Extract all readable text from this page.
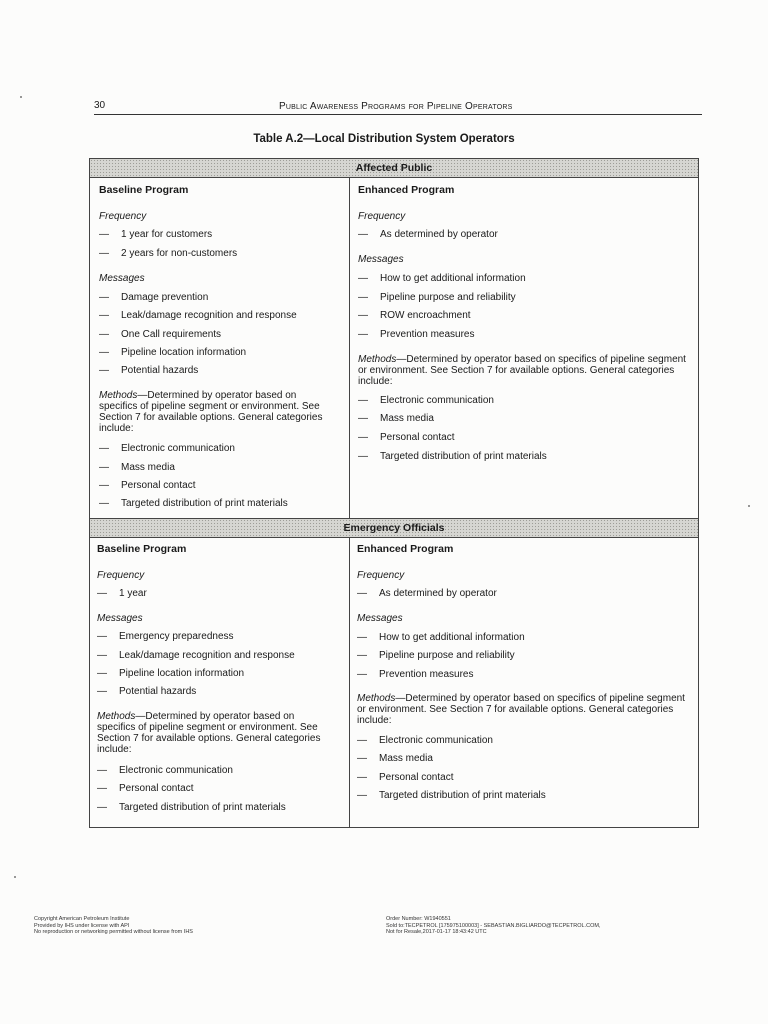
30	Public Awareness Programs for Pipeline Operators
Table A.2—Local Distribution System Operators
Affected Public
Emergency Officials
Baseline Program
Frequency
— 1 year for customers
— 2 years for non-customers
Messages
— Damage prevention
— Leak/damage recognition and response
— One Call requirements
— Pipeline location information
— Potential hazards
Methods—Determined by operator based on specifics of pipeline segment or environment. See Section 7 for available options. General categories include:
— Electronic communication
— Mass media
— Personal contact
— Targeted distribution of print materials
Enhanced Program
Frequency
— As determined by operator
Messages
— How to get additional information
— Pipeline purpose and reliability
— ROW encroachment
— Prevention measures
Methods—Determined by operator based on specifics of pipeline segment or environment. See Section 7 for available options. General categories include:
— Electronic communication
— Mass media
— Personal contact
— Targeted distribution of print materials
Baseline Program
Frequency
— 1 year
Messages
— Emergency preparedness
— Leak/damage recognition and response
— Pipeline location information
— Potential hazards
Methods—Determined by operator based on specifics of pipeline segment or environment. See Section 7 for available options. General categories include:
— Electronic communication
— Personal contact
— Targeted distribution of print materials
Enhanced Program
Frequency
— As determined by operator
Messages
— How to get additional information
— Pipeline purpose and reliability
— Prevention measures
Methods—Determined by operator based on specifics of pipeline segment or environment. See Section 7 for available options. General categories include:
— Electronic communication
— Mass media
— Personal contact
— Targeted distribution of print materials
Copyright American Petroleum Institute
Provided by IHS under license with API
No reproduction or networking permitted without license from IHS
Order Number: W1940551
Sold to:TECPETROL [175975100003] - SEBASTIAN.BIGLIARDO@TECPETROL.COM,
Not for Resale,2017-01-17 18:43:42 UTC
